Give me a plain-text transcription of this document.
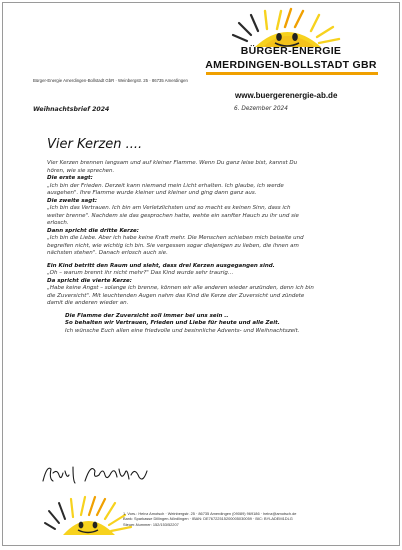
BÜRGER-ENERGIE
AMERDINGEN-BOLLSTADT GBR
Bürger-Energie Amerdingen-Bollstadt GbR · Weinbergstr. 25 · 86735 Amerdingen
www.buergerenergie-ab.de
Weihnachtsbrief 2024	6. Dezember 2024
Vier Kerzen ....

Vier Kerzen brennen langsam und auf kleiner Flamme. Wenn Du ganz leise bist, kannst Du

hören, wie sie sprechen.

Die erste sagt:

„Ich bin der Frieden. Derzeit kann niemand mein Licht erhalten. Ich glaube, ich werde

ausgehen". Ihre Flamme wurde kleiner und kleiner und ging dann ganz aus.

Die zweite sagt:

„Ich bin das Vertrauen. Ich bin am Verletzlichsten und so macht es keinen Sinn, dass ich

weiter brenne". Nachdem sie das gesprochen hatte, wehte ein sanfter Hauch zu ihr und sie

erlosch.

Dann spricht die dritte Kerze:

„Ich bin die Liebe. Aber ich habe keine Kraft mehr. Die Menschen schieben mich beiseite und

begreifen nicht, wie wichtig ich bin. Sie vergessen sogar diejenigen zu lieben, die ihnen am

nächsten stehen". Danach erlosch auch sie.

Ein Kind betritt den Raum und sieht, dass drei Kerzen ausgegangen sind.

„Oh – warum brennt ihr nicht mehr?" Das Kind wurde sehr traurig…

Da spricht die vierte Kerze:

„Habe keine Angst – solange ich brenne, können wir alle anderen wieder anzünden, denn ich bin

die Zuversicht". Mit leuchtenden Augen nahm das Kind die Kerze der Zuversicht und zündete

damit die anderen wieder an.

Die Flamme der Zuversicht soll immer bei uns sein ..

So behalten wir Vertrauen, Frieden und Liebe für heute und alle Zeit.

Ich wünsche Euch allen eine friedvolle und besinnliche Advents- und Weihnachtszeit.

1. Vors.: Heinz Amotsch · Weinbergstr. 25 · 86735 Amerdingen (09089) 969186 · heinz@amotsch.de
Bank: Sparkasse Dillingen-Nördlingen · IBAN: DE76722515200005030059 · BIC: BYLADEM1DLG
Steuer-Nummer: 152/153/52207
